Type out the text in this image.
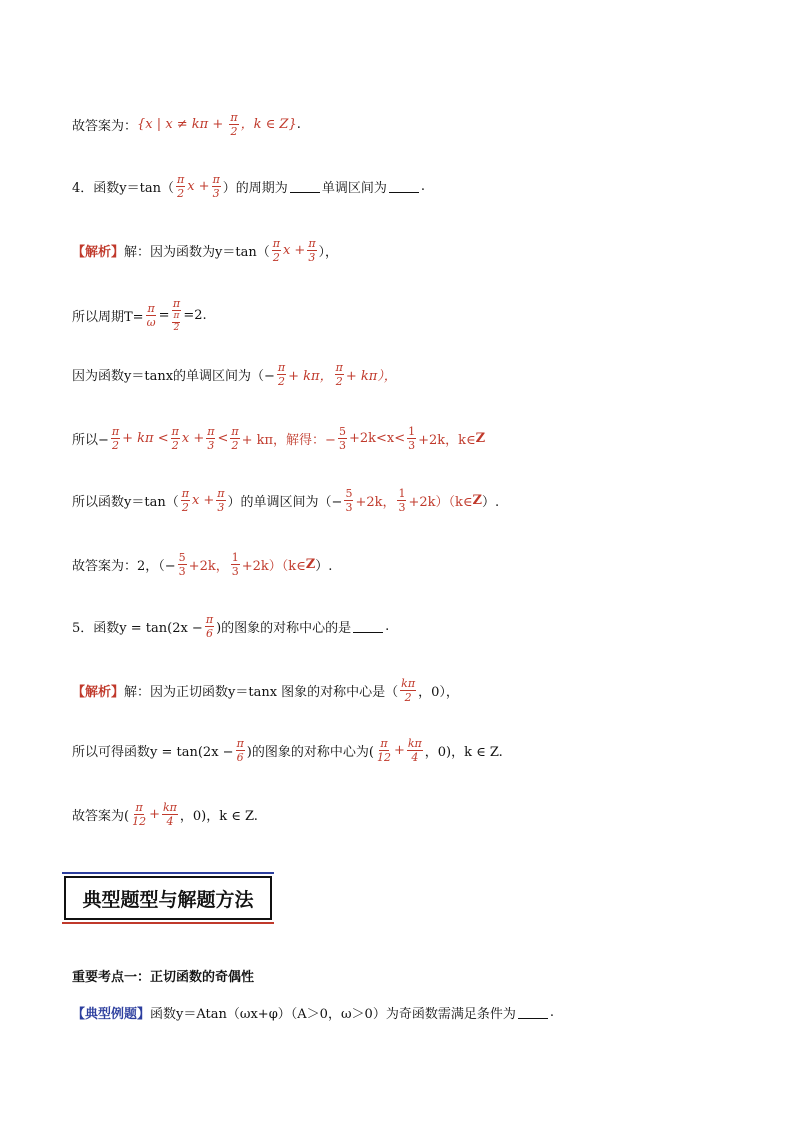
故答案为： {x | $x \ne k\pi + \frac{\pi}{2}$ ，k ∈ Z} .
4．函数$y=\tan( \frac{\pi}{2}$ $x + \frac{\pi}{3}$ ）的周期为	单调区间为	.
【解析】 解：因为函数为$y=\tan( \frac{\pi}{2}$ $x + \frac{\pi}{3}$ ），
所以周期$T= \frac{\pi}{\omega} = \frac{\pi}{\frac{\pi}{2}} =2$.
因为函数y＝tanx的单调区间为（− $\frac{\pi}{2} + k\pi$， $\frac{\pi}{2} + k\pi$），
所以− $\frac{\pi}{2} + k\pi < \frac{\pi}{2}$ $x + \frac{\pi}{3} < \frac{\pi}{2} + k\pi$，解得：− $\frac{5}{3} +2k<x< \frac{1}{3} +2k$，k∈ Z
所以函数$y=\tan( \frac{\pi}{2}$ $x + \frac{\pi}{3}$ ）的单调区间为（− $\frac{5}{3} +2k$， $\frac{1}{3}$ +2k）（k∈ Z ）.
故答案为：2，（− $\frac{5}{3} +2k$， $\frac{1}{3}$ +2k）（k∈ Z ）.
5．函数$y = \tan(2x - \frac{\pi}{6}$ )的图象的对称中心的是	.
【解析】 解：因为正切函数y＝tanx 图象的对称中心是（ $\frac{k\pi}{2}$ ，0），
所以可得函数$y = \tan(2x - \frac{\pi}{6}$ )的图象的对称中心为( $\frac{\pi}{12} + \frac{k\pi}{4}$ ，0)，k ∈ Z.
故答案为( $\frac{\pi}{12} + \frac{k\pi}{4}$ ，0)，k ∈ Z.
典型题型与解题方法
重要考点一：正切函数的奇偶性
【典型例题】 函数y＝Atan（ωx+φ）（A＞0，ω＞0）为奇函数需满足条件为	.
